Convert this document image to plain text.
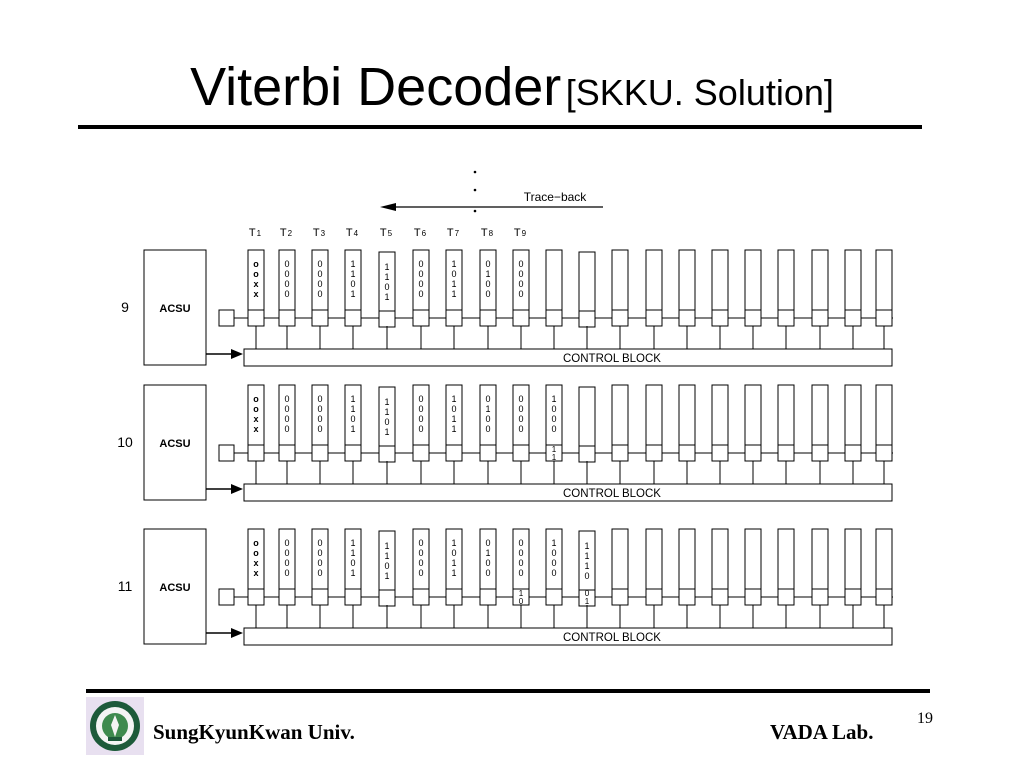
Viterbi Decoder [SKKU. Solution]
Trace−back
T1 T2 T3 T4 T5 T6 T7 T8 T9
ACSU
9
CONTROL BLOCK
o
o
x
x
0
0
0
0
0
0
0
0
1
1
0
1
1
1
0
1
0
0
0
0
1
0
1
1
0
1
0
0
0
0
0
0
ACSU
10
CONTROL BLOCK
o
o
x
x
0
0
0
0
0
0
0
0
1
1
0
1
1
1
0
1
0
0
0
0
1
0
1
1
0
1
0
0
0
0
0
0
1
0
0
0
1
1
ACSU
11
CONTROL BLOCK
o
o
x
x
0
0
0
0
0
0
0
0
1
1
0
1
1
1
0
1
0
0
0
0
1
0
1
1
0
1
0
0
0
0
0
0
1
0
0
0
1
1
1
0
1
0
0
1
SungKyunKwan Univ.	VADA Lab.
19
